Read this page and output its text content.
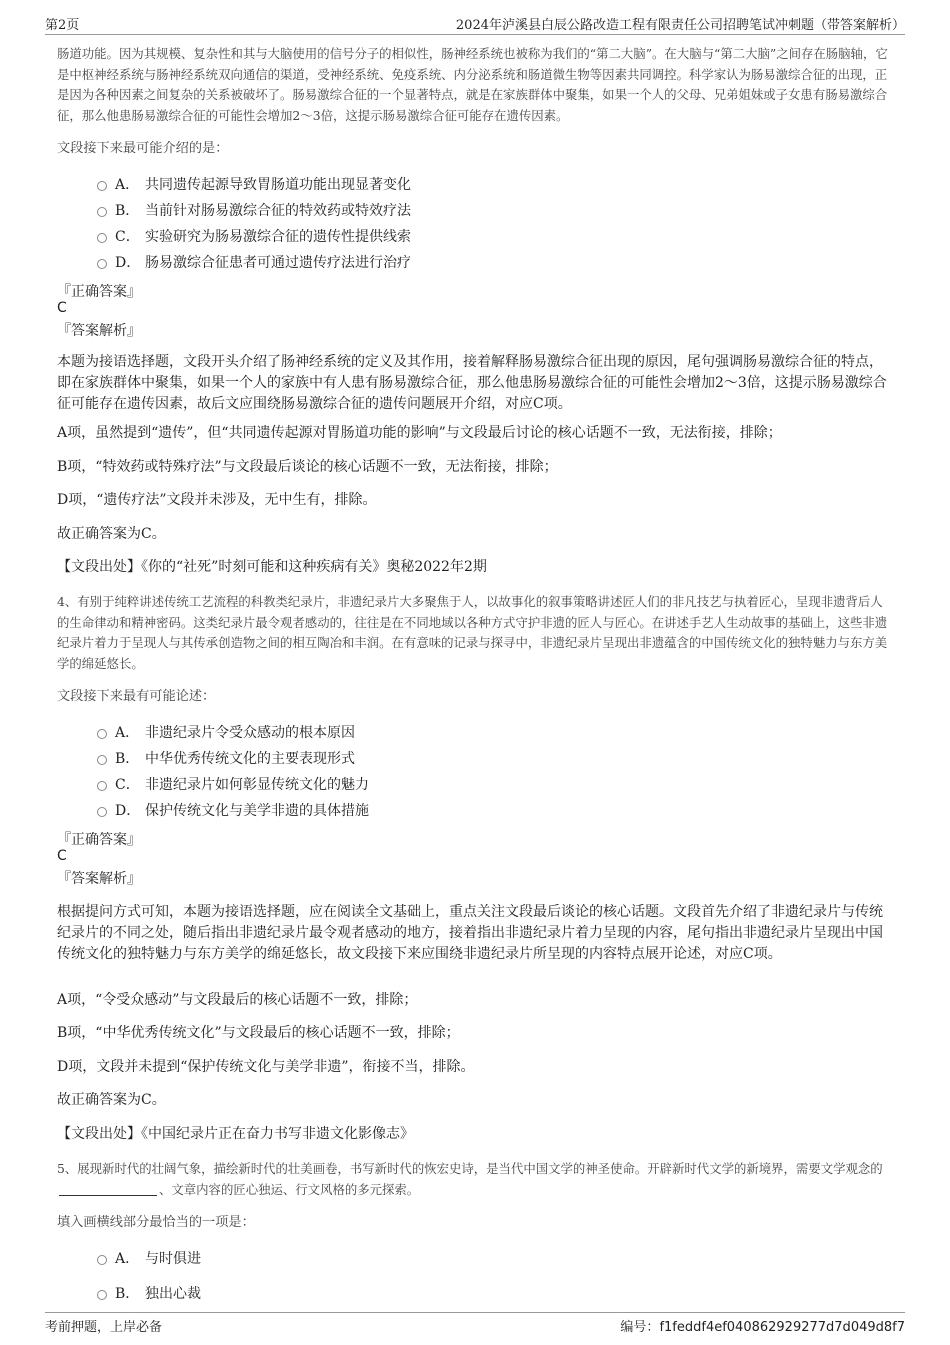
第2页	2024年泸溪县白辰公路改造工程有限责任公司招聘笔试冲刺题（带答案解析）
肠道功能。因为其规模、复杂性和其与大脑使用的信号分子的相似性，肠神经系统也被称为我们的“第二大脑”。在大脑与“第二大脑”之间存在肠脑轴，它是中枢神经系统与肠神经系统双向通信的渠道，受神经系统、免疫系统、内分泌系统和肠道微生物等因素共同调控。科学家认为肠易激综合征的出现，正是因为各种因素之间复杂的关系被破坏了。肠易激综合征的一个显著特点，就是在家族群体中聚集，如果一个人的父母、兄弟姐妹或子女患有肠易激综合征，那么他患肠易激综合征的可能性会增加2～3倍，这提示肠易激综合征可能存在遗传因素。
文段接下来最可能介绍的是：
A． 共同遗传起源导致胃肠道功能出现显著变化
B． 当前针对肠易激综合征的特效药或特效疗法
C． 实验研究为肠易激综合征的遗传性提供线索
D． 肠易激综合征患者可通过遗传疗法进行治疗
『正确答案』
C
『答案解析』
本题为接语选择题，文段开头介绍了肠神经系统的定义及其作用，接着解释肠易激综合征出现的原因，尾句强调肠易激综合征的特点，即在家族群体中聚集，如果一个人的家族中有人患有肠易激综合征，那么他患肠易激综合征的可能性会增加2～3倍，这提示肠易激综合征可能存在遗传因素，故后文应围绕肠易激综合征的遗传问题展开介绍，对应C项。
A项，虽然提到“遗传”，但“共同遗传起源对胃肠道功能的影响”与文段最后讨论的核心话题不一致，无法衔接，排除；
B项，“特效药或特殊疗法”与文段最后谈论的核心话题不一致，无法衔接，排除；
D项，“遗传疗法”文段并未涉及，无中生有，排除。
故正确答案为C。
【文段出处】《你的“社死”时刻可能和这种疾病有关》奥秘2022年2期
4、有别于纯粹讲述传统工艺流程的科教类纪录片，非遗纪录片大多聚焦于人，以故事化的叙事策略讲述匠人们的非凡技艺与执着匠心，呈现非遗背后人的生命律动和精神密码。这类纪录片最令观者感动的，往往是在不同地域以各种方式守护非遗的匠人与匠心。在讲述手艺人生动故事的基础上，这些非遗纪录片着力于呈现人与其传承创造物之间的相互陶冶和丰润。在有意味的记录与探寻中，非遗纪录片呈现出非遗蕴含的中国传统文化的独特魅力与东方美学的绵延悠长。
文段接下来最有可能论述：
A． 非遗纪录片令受众感动的根本原因
B． 中华优秀传统文化的主要表现形式
C． 非遗纪录片如何彰显传统文化的魅力
D． 保护传统文化与美学非遗的具体措施
『正确答案』
C
『答案解析』
根据提问方式可知，本题为接语选择题，应在阅读全文基础上，重点关注文段最后谈论的核心话题。文段首先介绍了非遗纪录片与传统纪录片的不同之处，随后指出非遗纪录片最令观者感动的地方，接着指出非遗纪录片着力呈现的内容，尾句指出非遗纪录片呈现出中国传统文化的独特魅力与东方美学的绵延悠长，故文段接下来应围绕非遗纪录片所呈现的内容特点展开论述，对应C项。
A项，“令受众感动”与文段最后的核心话题不一致，排除；
B项，“中华优秀传统文化”与文段最后的核心话题不一致，排除；
D项，文段并未提到“保护传统文化与美学非遗”，衔接不当，排除。
故正确答案为C。
【文段出处】《中国纪录片正在奋力书写非遗文化影像志》
5、展现新时代的壮阔气象，描绘新时代的壮美画卷，书写新时代的恢宏史诗，是当代中国文学的神圣使命。开辟新时代文学的新境界，需要文学观念的、文章内容的匠心独运、行文风格的多元探索。
填入画横线部分最恰当的一项是：
A． 与时俱进
B． 独出心裁
考前押题，上岸必备	编号：f1feddf4ef040862929277d7d049d8f7
